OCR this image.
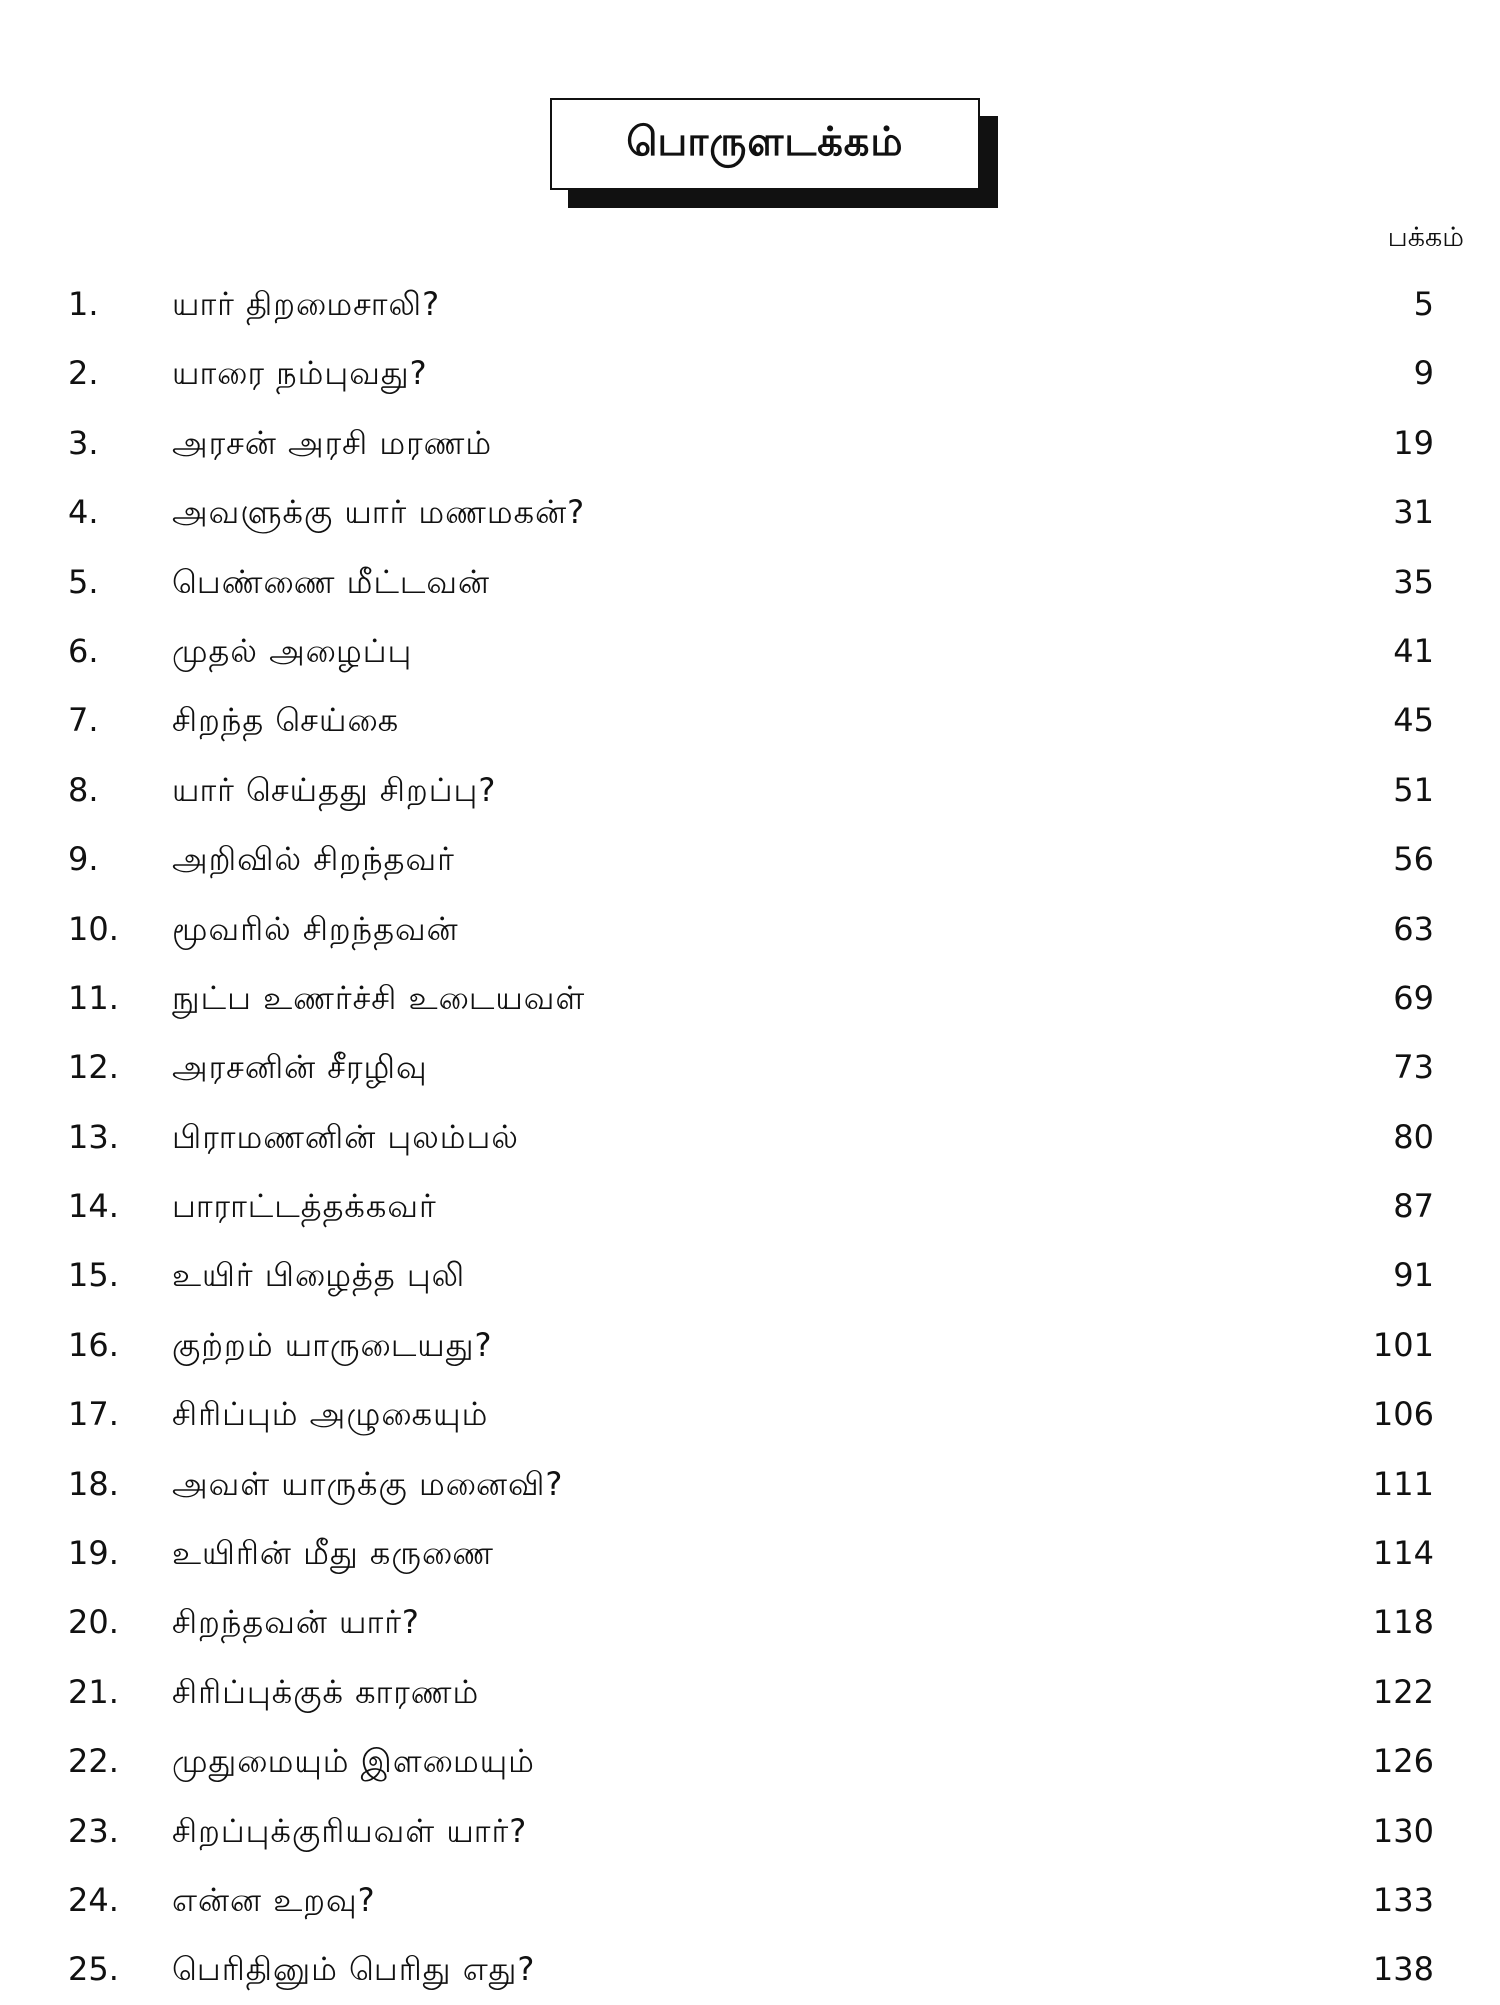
பொருளடக்கம்
பக்கம்
1. யார் திறமைசாலி?	5
2. யாரை நம்புவது?	9
3. அரசன் அரசி மரணம்	19
4. அவளுக்கு யார் மணமகன்?	31
5. பெண்ணை மீட்டவன்	35
6. முதல் அழைப்பு	41
7. சிறந்த செய்கை	45
8. யார் செய்தது சிறப்பு?	51
9. அறிவில் சிறந்தவர்	56
10. மூவரில் சிறந்தவன்	63
11. நுட்ப உணர்ச்சி உடையவள்	69
12. அரசனின் சீரழிவு	73
13. பிராமணனின் புலம்பல்	80
14. பாராட்டத்தக்கவர்	87
15. உயிர் பிழைத்த புலி	91
16. குற்றம் யாருடையது?	101
17. சிரிப்பும் அழுகையும்	106
18. அவள் யாருக்கு மனைவி?	111
19. உயிரின் மீது கருணை	114
20. சிறந்தவன் யார்?	118
21. சிரிப்புக்குக் காரணம்	122
22. முதுமையும் இளமையும்	126
23. சிறப்புக்குரியவள் யார்?	130
24. என்ன உறவு?	133
25. பெரிதினும் பெரிது எது?	138
